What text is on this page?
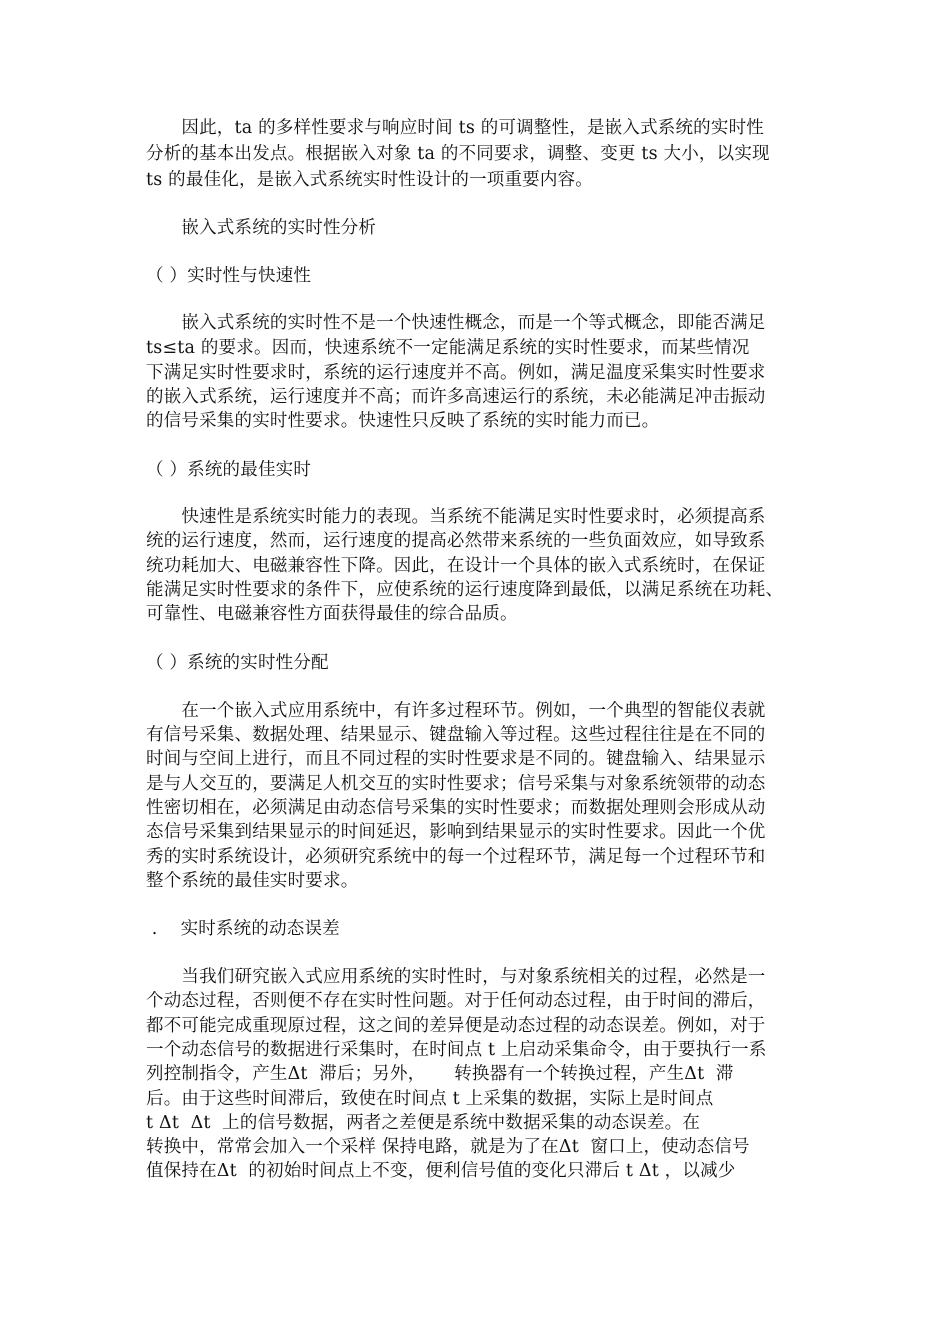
　　因此，ta 的多样性要求与响应时间 ts 的可调整性，是嵌入式系统的实时性
分析的基本出发点。根据嵌入对象 ta 的不同要求，调整、变更 ts 大小，以实现
ts 的最佳化，是嵌入式系统实时性设计的一项重要内容。
　　嵌入式系统的实时性分析
（ ）实时性与快速性
　　嵌入式系统的实时性不是一个快速性概念，而是一个等式概念，即能否满足
ts≤ta 的要求。因而，快速系统不一定能满足系统的实时性要求，而某些情况
下满足实时性要求时，系统的运行速度并不高。例如，满足温度采集实时性要求
的嵌入式系统，运行速度并不高；而许多高速运行的系统，未必能满足冲击振动
的信号采集的实时性要求。快速性只反映了系统的实时能力而已。
（ ）系统的最佳实时
　　快速性是系统实时能力的表现。当系统不能满足实时性要求时，必须提高系
统的运行速度，然而，运行速度的提高必然带来系统的一些负面效应，如导致系
统功耗加大、电磁兼容性下降。因此，在设计一个具体的嵌入式系统时，在保证
能满足实时性要求的条件下，应使系统的运行速度降到最低，以满足系统在功耗、
可靠性、电磁兼容性方面获得最佳的综合品质。
（ ）系统的实时性分配
　　在一个嵌入式应用系统中，有许多过程环节。例如，一个典型的智能仪表就
有信号采集、数据处理、结果显示、键盘输入等过程。这些过程往往是在不同的
时间与空间上进行，而且不同过程的实时性要求是不同的。键盘输入、结果显示
是与人交互的，要满足人机交互的实时性要求；信号采集与对象系统领带的动态
性密切相在，必须满足由动态信号采集的实时性要求；而数据处理则会形成从动
态信号采集到结果显示的时间延迟，影响到结果显示的实时性要求。因此一个优
秀的实时系统设计，必须研究系统中的每一个过程环节，满足每一个过程环节和
整个系统的最佳实时要求。
.    实时系统的动态误差
　　当我们研究嵌入式应用系统的实时性时，与对象系统相关的过程，必然是一
个动态过程，否则便不存在实时性问题。对于任何动态过程，由于时间的滞后，
都不可能完成重现原过程，这之间的差异便是动态过程的动态误差。例如，对于
一个动态信号的数据进行采集时，在时间点 t 上启动采集命令，由于要执行一系
列控制指令，产生Δt  滞后；另外，     转换器有一个转换过程，产生Δt  滞
后。由于这些时间滞后，致使在时间点 t 上采集的数据，实际上是时间点
t Δt  Δt  上的信号数据，两者之差便是系统中数据采集的动态误差。在
转换中，常常会加入一个采样 保持电路，就是为了在Δt  窗口上，使动态信号
值保持在Δt  的初始时间点上不变，便利信号值的变化只滞后 t Δt ，以减少
